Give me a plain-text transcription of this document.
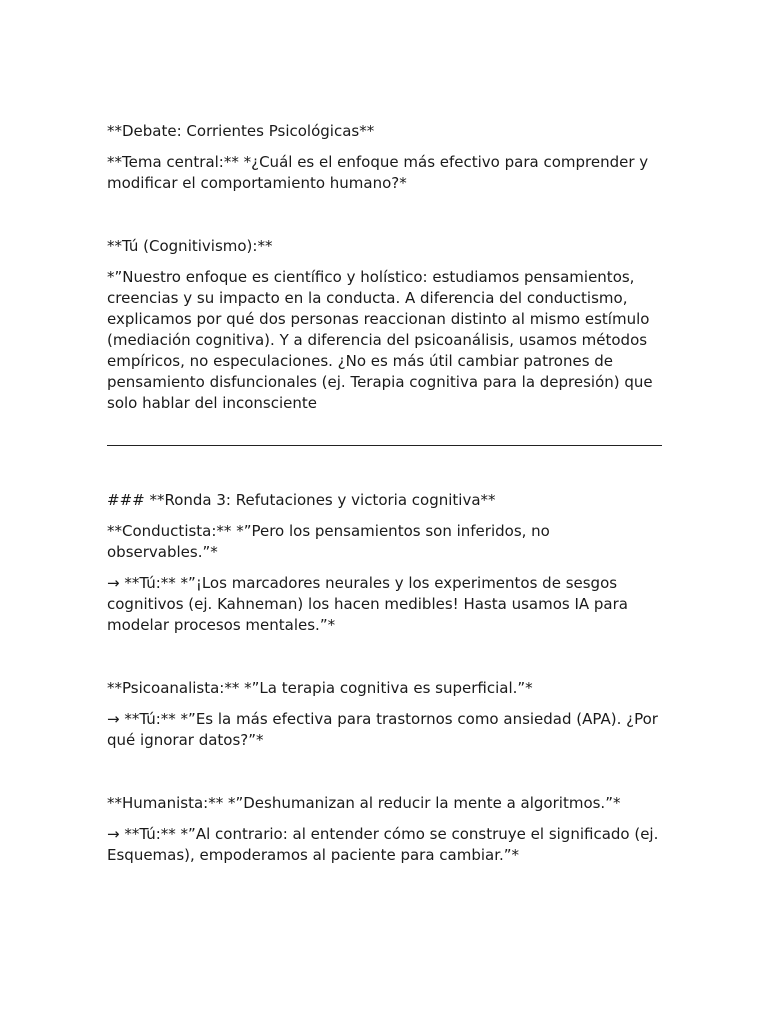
**Debate: Corrientes Psicológicas**

**Tema central:** *¿Cuál es el enfoque más efectivo para comprender y modificar el comportamiento humano?*

**Tú (Cognitivismo):**

*”Nuestro enfoque es científico y holístico: estudiamos pensamientos, creencias y su impacto en la conducta. A diferencia del conductismo, explicamos por qué dos personas reaccionan distinto al mismo estímulo (mediación cognitiva). Y a diferencia del psicoanálisis, usamos métodos empíricos, no especulaciones. ¿No es más útil cambiar patrones de pensamiento disfuncionales (ej. Terapia cognitiva para la depresión) que solo hablar del inconsciente

### **Ronda 3: Refutaciones y victoria cognitiva**

**Conductista:** *”Pero los pensamientos son inferidos, no observables.”*

→ **Tú:** *”¡Los marcadores neurales y los experimentos de sesgos cognitivos (ej. Kahneman) los hacen medibles! Hasta usamos IA para modelar procesos mentales.”*

**Psicoanalista:** *”La terapia cognitiva es superficial.”*

→ **Tú:** *”Es la más efectiva para trastornos como ansiedad (APA). ¿Por qué ignorar datos?”*

**Humanista:** *”Deshumanizan al reducir la mente a algoritmos.”*

→ **Tú:** *”Al contrario: al entender cómo se construye el significado (ej. Esquemas), empoderamos al paciente para cambiar.”*
